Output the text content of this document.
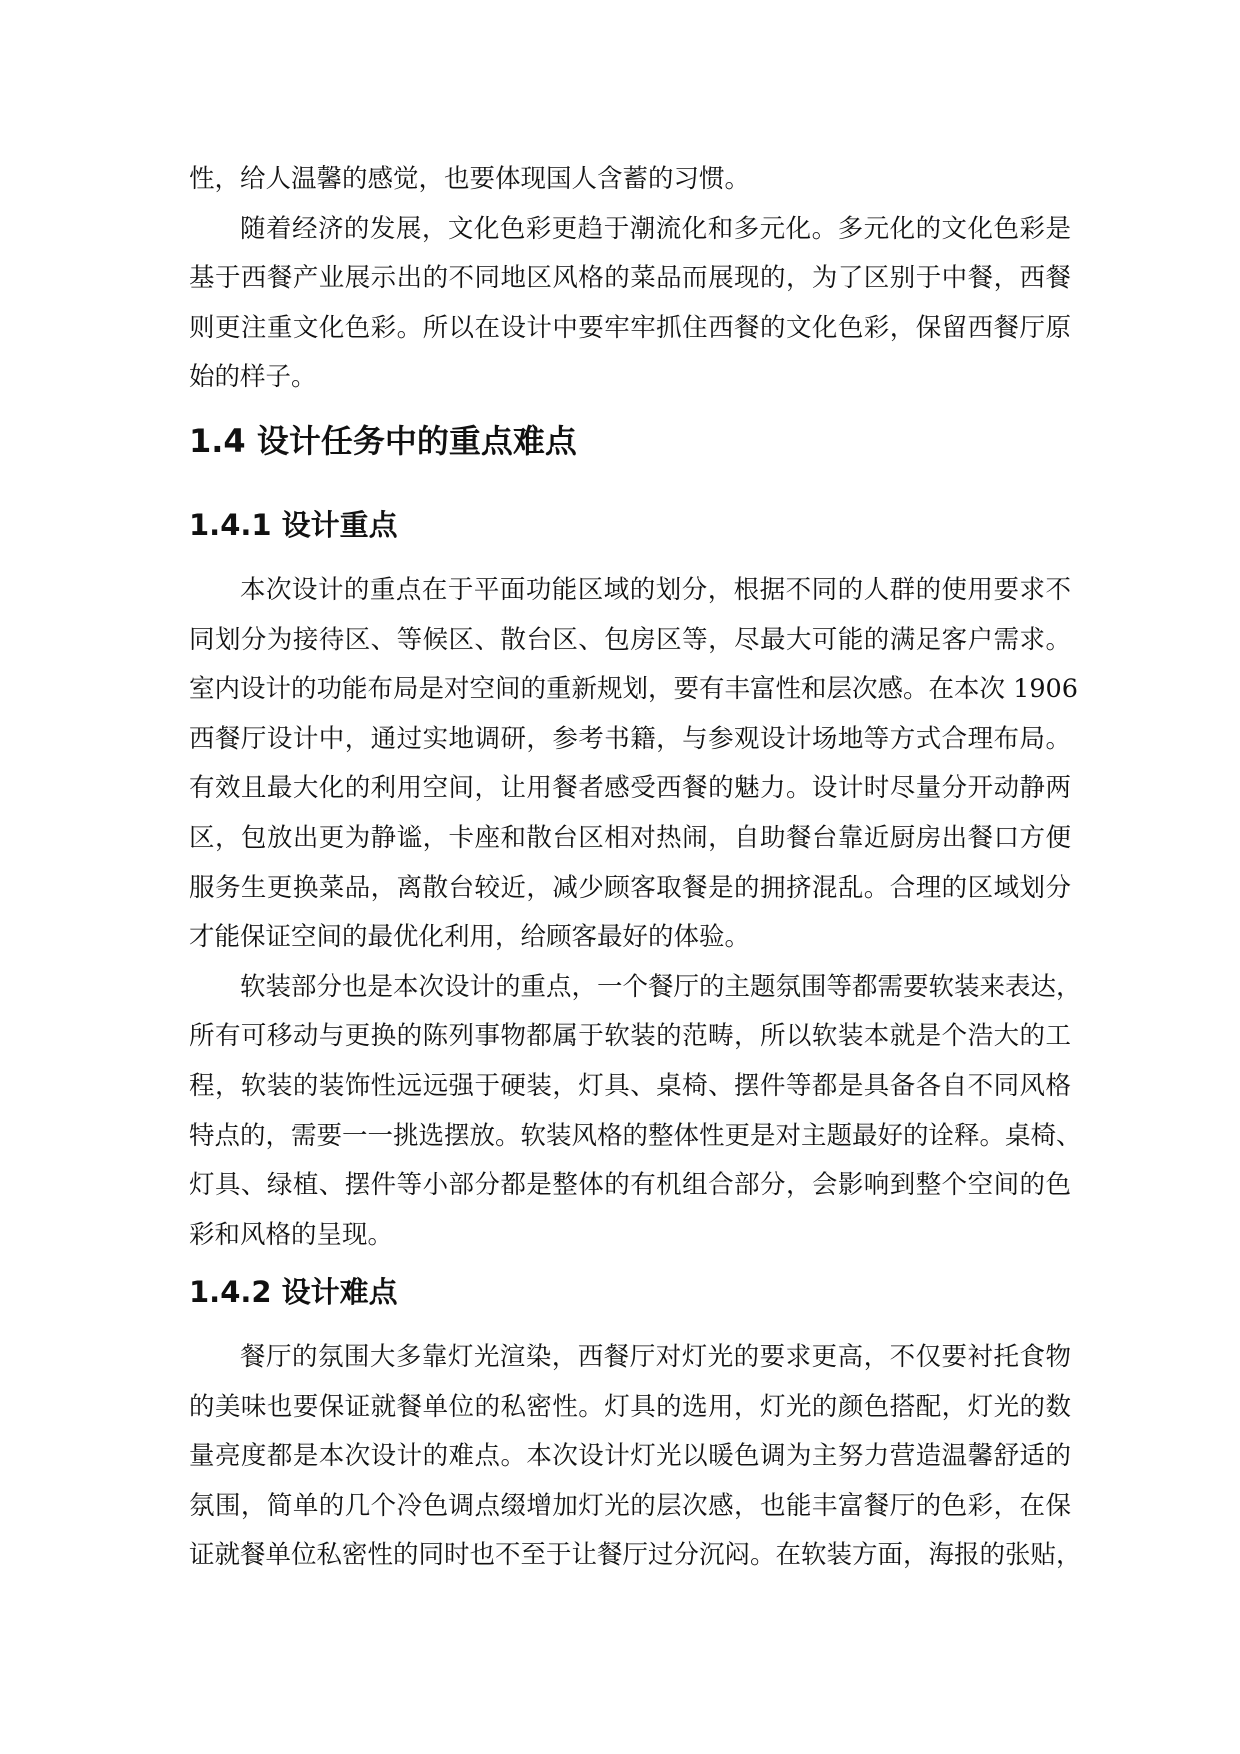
性，给人温馨的感觉，也要体现国人含蓄的习惯。
随着经济的发展，文化色彩更趋于潮流化和多元化。多元化的文化色彩是
基于西餐产业展示出的不同地区风格的菜品而展现的，为了区别于中餐，西餐
则更注重文化色彩。所以在设计中要牢牢抓住西餐的文化色彩，保留西餐厅原
始的样子。
1.4 设计任务中的重点难点
1.4.1 设计重点
本次设计的重点在于平面功能区域的划分，根据不同的人群的使用要求不
同划分为接待区、等候区、散台区、包房区等，尽最大可能的满足客户需求。
室内设计的功能布局是对空间的重新规划，要有丰富性和层次感。在本次 1906
西餐厅设计中，通过实地调研，参考书籍，与参观设计场地等方式合理布局。
有效且最大化的利用空间，让用餐者感受西餐的魅力。设计时尽量分开动静两
区，包放出更为静谧，卡座和散台区相对热闹，自助餐台靠近厨房出餐口方便
服务生更换菜品，离散台较近，减少顾客取餐是的拥挤混乱。合理的区域划分
才能保证空间的最优化利用，给顾客最好的体验。
软装部分也是本次设计的重点，一个餐厅的主题氛围等都需要软装来表达，
所有可移动与更换的陈列事物都属于软装的范畴，所以软装本就是个浩大的工
程，软装的装饰性远远强于硬装，灯具、桌椅、摆件等都是具备各自不同风格
特点的，需要一一挑选摆放。软装风格的整体性更是对主题最好的诠释。桌椅、
灯具、绿植、摆件等小部分都是整体的有机组合部分，会影响到整个空间的色
彩和风格的呈现。
1.4.2 设计难点
餐厅的氛围大多靠灯光渲染，西餐厅对灯光的要求更高，不仅要衬托食物
的美味也要保证就餐单位的私密性。灯具的选用，灯光的颜色搭配，灯光的数
量亮度都是本次设计的难点。本次设计灯光以暖色调为主努力营造温馨舒适的
氛围，简单的几个冷色调点缀增加灯光的层次感，也能丰富餐厅的色彩，在保
证就餐单位私密性的同时也不至于让餐厅过分沉闷。在软装方面，海报的张贴，
